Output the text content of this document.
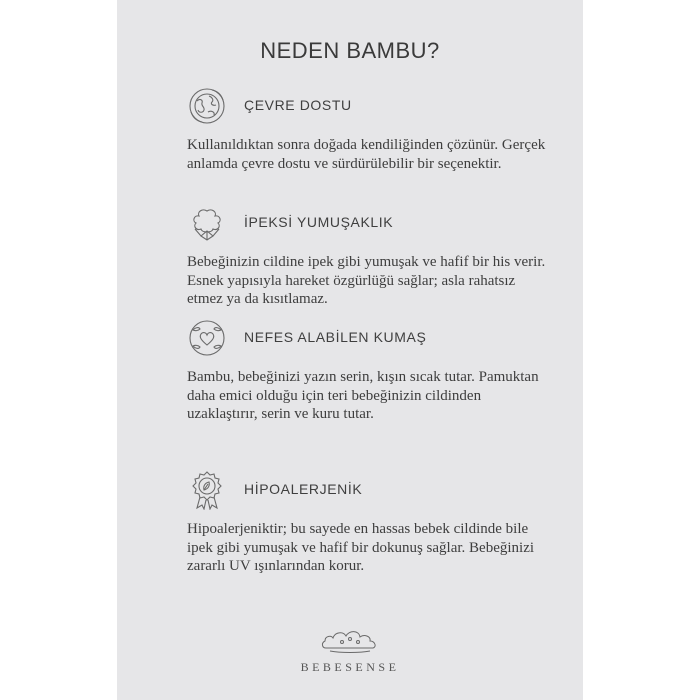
NEDEN BAMBU?
ÇEVRE DOSTU
Kullanıldıktan sonra doğada kendiliğinden çözünür. Gerçek anlamda çevre dostu ve sürdürülebilir bir seçenektir.
İPEKSİ YUMUŞAKLIK
Bebeğinizin cildine ipek gibi yumuşak ve hafif bir his verir. Esnek yapısıyla hareket özgürlüğü sağlar; asla rahatsız etmez ya da kısıtlamaz.
NEFES ALABİLEN KUMAŞ
Bambu, bebeğinizi yazın serin, kışın sıcak tutar. Pamuktan daha emici olduğu için teri bebeğinizin cildinden uzaklaştırır, serin ve kuru tutar.
HİPOALERJENİK
Hipoalerjeniktir; bu sayede en hassas bebek cildinde bile ipek gibi yumuşak ve hafif bir dokunuş sağlar. Bebeğinizi zararlı UV ışınlarından korur.
BEBESENSE
